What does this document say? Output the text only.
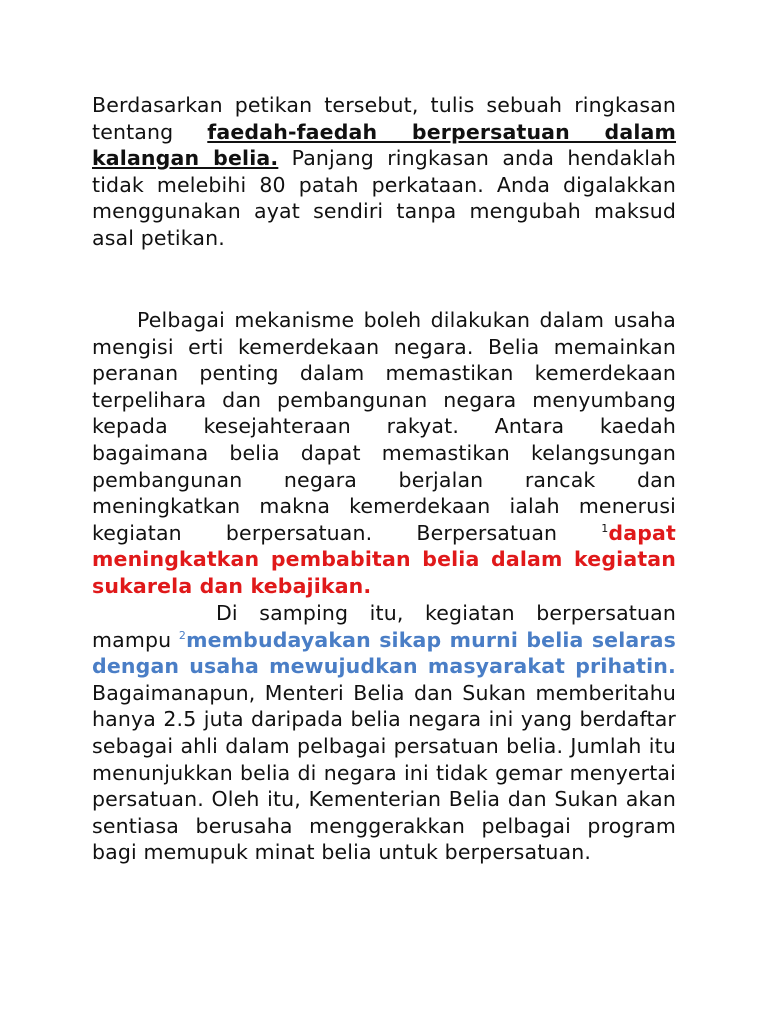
Berdasarkan petikan tersebut, tulis sebuah ringkasan tentang faedah-faedah berpersatuan dalam kalangan belia. Panjang ringkasan anda hendaklah tidak melebihi 80 patah perkataan. Anda digalakkan menggunakan ayat sendiri tanpa mengubah maksud asal petikan.

Pelbagai mekanisme boleh dilakukan dalam usaha mengisi erti kemerdekaan negara. Belia memainkan peranan penting dalam memastikan kemerdekaan terpelihara dan pembangunan negara menyumbang kepada kesejahteraan rakyat. Antara kaedah bagaimana belia dapat memastikan kelangsungan pembangunan negara berjalan rancak dan meningkatkan makna kemerdekaan ialah menerusi kegiatan berpersatuan. Berpersatuan $^1$dapat meningkatkan pembabitan belia dalam kegiatan sukarela dan kebajikan.

Di samping itu, kegiatan berpersatuan mampu $^2$membudayakan sikap murni belia selaras dengan usaha mewujudkan masyarakat prihatin. Bagaimanapun, Menteri Belia dan Sukan memberitahu hanya 2.5 juta daripada belia negara ini yang berdaftar sebagai ahli dalam pelbagai persatuan belia. Jumlah itu menunjukkan belia di negara ini tidak gemar menyertai persatuan. Oleh itu, Kementerian Belia dan Sukan akan sentiasa berusaha menggerakkan pelbagai program bagi memupuk minat belia untuk berpersatuan.
